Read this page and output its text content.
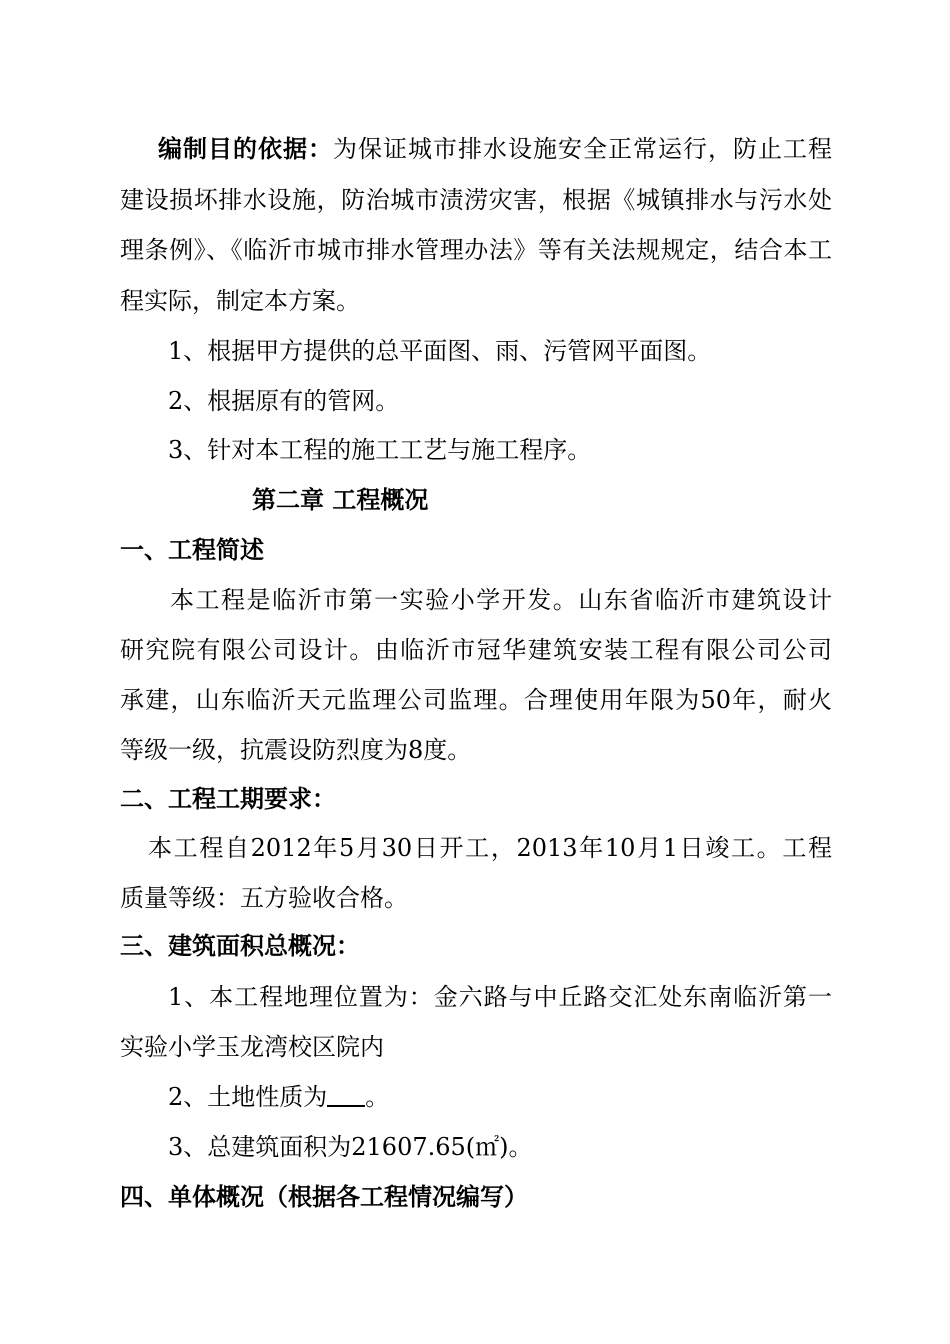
编制目的依据：为保证城市排水设施安全正常运行，防止工程
建设损坏排水设施，防治城市渍涝灾害，根据《城镇排水与污水处
理条例》、《临沂市城市排水管理办法》等有关法规规定，结合本工
程实际，制定本方案。
1、根据甲方提供的总平面图、雨、污管网平面图。
2、根据原有的管网。
3、针对本工程的施工工艺与施工程序。
第二章 工程概况
一、工程简述
本工程是临沂市第一实验小学开发。山东省临沂市建筑设计
研究院有限公司设计。由临沂市冠华建筑安装工程有限公司公司
承建，山东临沂天元监理公司监理。合理使用年限为50年，耐火
等级一级，抗震设防烈度为8度。
二、工程工期要求：
本工程自2012年5月30日开工，2013年10月1日竣工。工程
质量等级：五方验收合格。
三、建筑面积总概况：
1、本工程地理位置为：金六路与中丘路交汇处东南临沂第一
实验小学玉龙湾校区院内
2、土地性质为 。
3、总建筑面积为21607.65(㎡)。
四、单体概况（根据各工程情况编写）
